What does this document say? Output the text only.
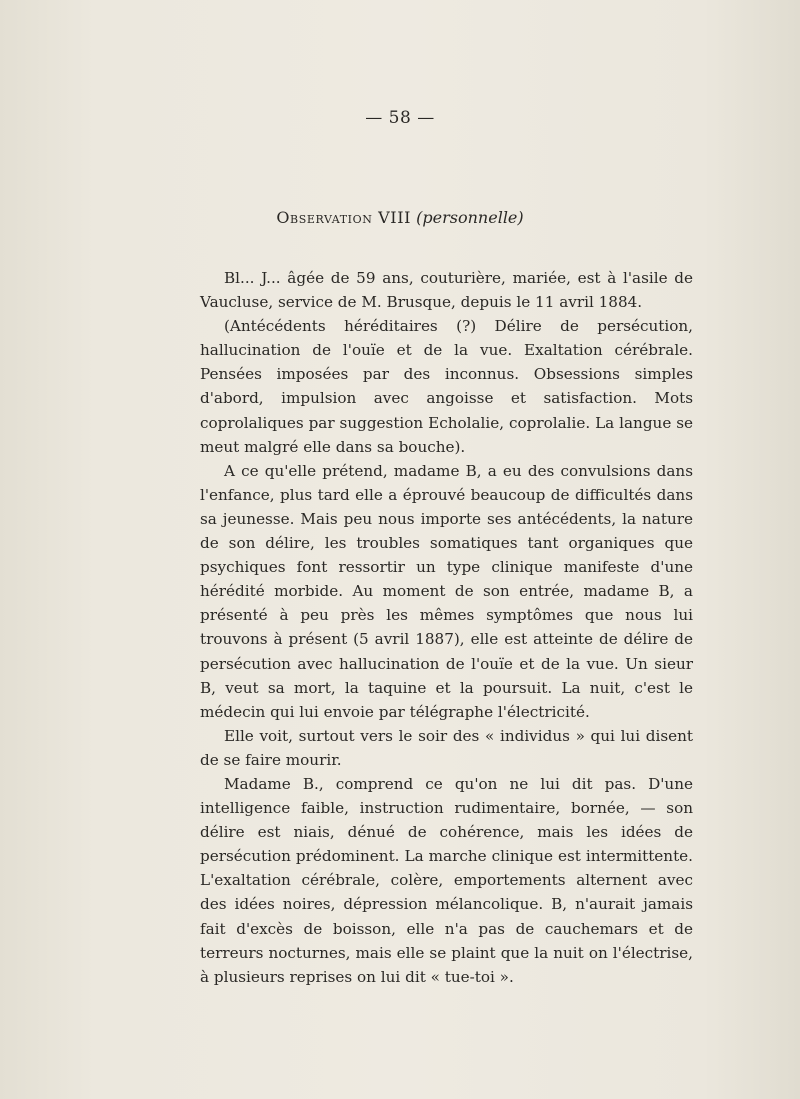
— 58 —
Observation VIII (personnelle)

Bl... J... âgée de 59 ans, couturière, mariée, est à l'asile de Vaucluse, service de M. Brusque, depuis le 11 avril 1884.

(Antécédents héréditaires (?) Délire de persécution, hallucination de l'ouïe et de la vue. Exaltation cérébrale. Pensées imposées par des inconnus. Obsessions simples d'abord, impulsion avec angoisse et satisfaction. Mots coprolaliques par suggestion Echolalie, coprolalie. La langue se meut malgré elle dans sa bouche).

A ce qu'elle prétend, madame B, a eu des convulsions dans l'enfance, plus tard elle a éprouvé beaucoup de difficultés dans sa jeunesse. Mais peu nous importe ses antécédents, la nature de son délire, les troubles somatiques tant organiques que psychiques font ressortir un type clinique manifeste d'une hérédité morbide. Au moment de son entrée, madame B, a présenté à peu près les mêmes symptômes que nous lui trouvons à présent (5 avril 1887), elle est atteinte de délire de persécution avec hallucination de l'ouïe et de la vue. Un sieur B, veut sa mort, la taquine et la poursuit. La nuit, c'est le médecin qui lui envoie par télégraphe l'électricité.

Elle voit, surtout vers le soir des « individus » qui lui disent de se faire mourir.

Madame B., comprend ce qu'on ne lui dit pas. D'une intelligence faible, instruction rudimentaire, bornée, — son délire est niais, dénué de cohérence, mais les idées de persécution prédominent. La marche clinique est intermittente. L'exaltation cérébrale, colère, emportements alternent avec des idées noires, dépression mélancolique. B, n'aurait jamais fait d'excès de boisson, elle n'a pas de cauchemars et de terreurs nocturnes, mais elle se plaint que la nuit on l'électrise, à plusieurs reprises on lui dit « tue-toi ».
